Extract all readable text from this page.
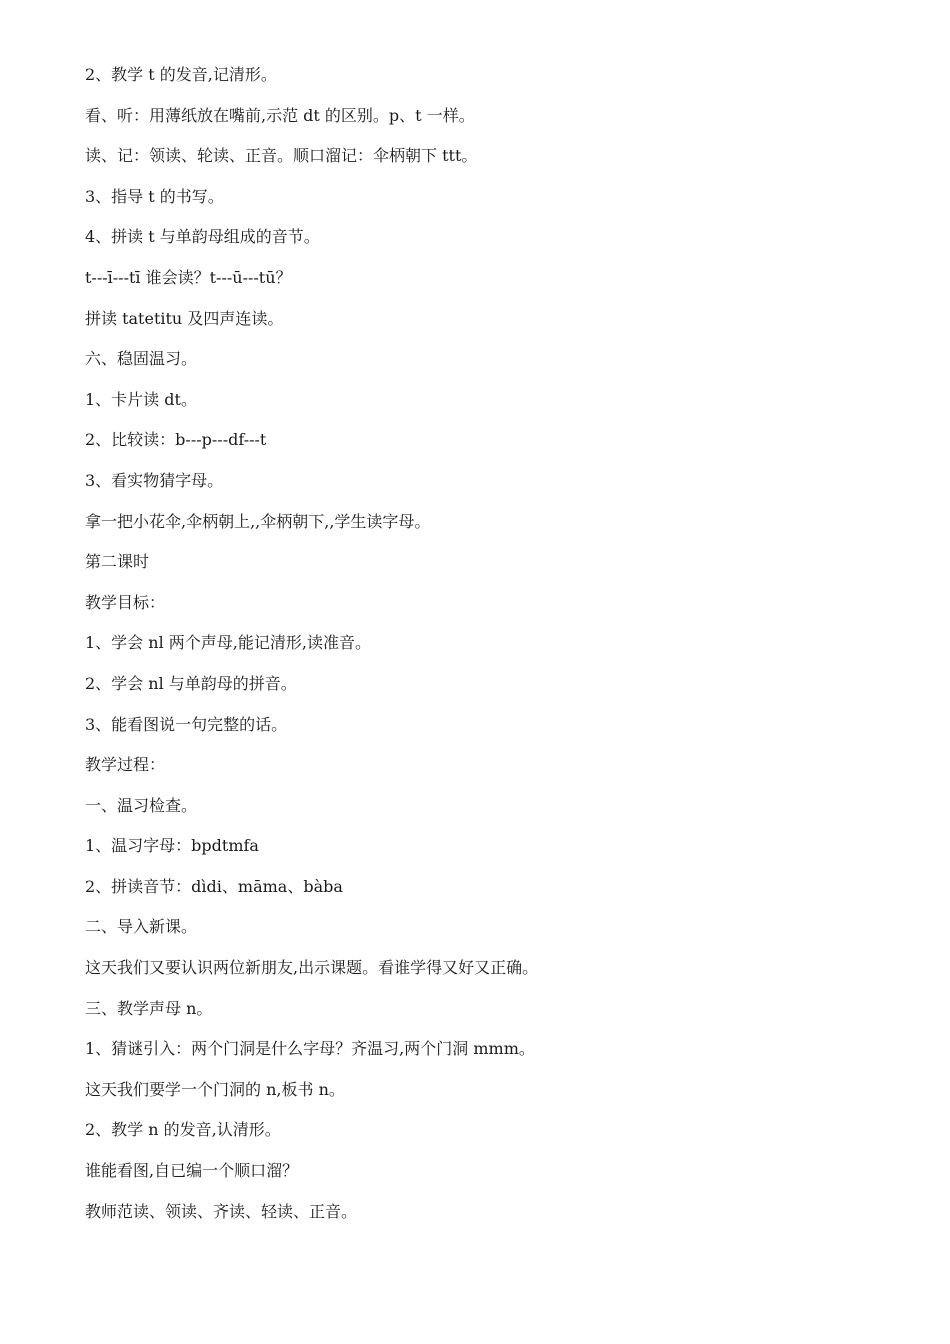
2、教学 t 的发音,记清形。

看、听：用薄纸放在嘴前,示范 dt 的区别。p、t 一样。

读、记：领读、轮读、正音。顺口溜记：伞柄朝下 ttt。

3、指导 t 的书写。

4、拼读 t 与单韵母组成的音节。

t---ī---tī 谁会读？t---ū---tū？

拼读 tatetitu 及四声连读。

六、稳固温习。

1、卡片读 dt。

2、比较读：b---p---df---t

3、看实物猜字母。

拿一把小花伞,伞柄朝上,,伞柄朝下,,学生读字母。

第二课时

教学目标：

1、学会 nl 两个声母,能记清形,读准音。

2、学会 nl 与单韵母的拼音。

3、能看图说一句完整的话。

教学过程：

一、温习检查。

1、温习字母：bpdtmfa

2、拼读音节：dìdi、māma、bàba

二、导入新课。

这天我们又要认识两位新朋友,出示课题。看谁学得又好又正确。

三、教学声母 n。

1、猜谜引入：两个门洞是什么字母？齐温习,两个门洞 mmm。

这天我们要学一个门洞的 n,板书 n。

2、教学 n 的发音,认清形。

谁能看图,自已编一个顺口溜？

教师范读、领读、齐读、轻读、正音。
